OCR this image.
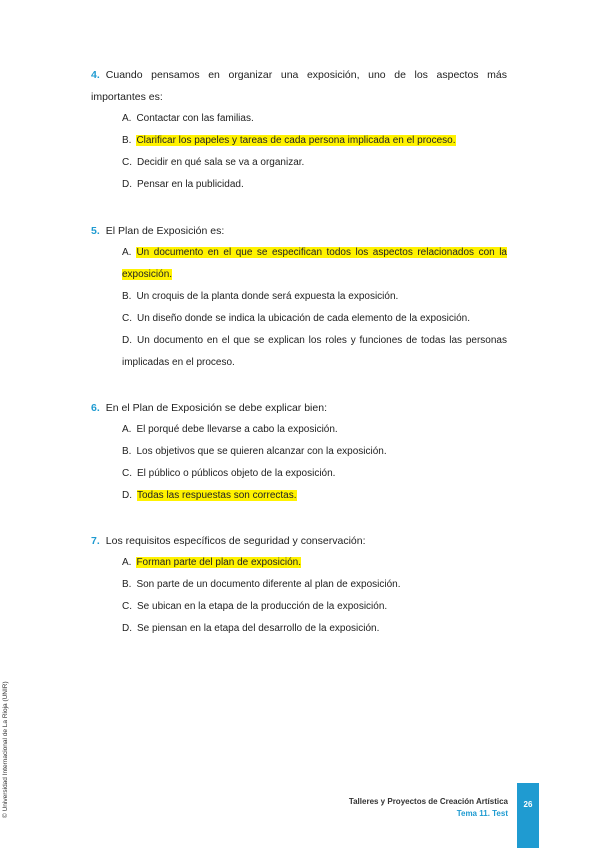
4. Cuando pensamos en organizar una exposición, uno de los aspectos más importantes es:

A. Contactar con las familias.
B. Clarificar los papeles y tareas de cada persona implicada en el proceso.
C. Decidir en qué sala se va a organizar.
D. Pensar en la publicidad.

5. El Plan de Exposición es:

A. Un documento en el que se especifican todos los aspectos relacionados con la exposición.
B. Un croquis de la planta donde será expuesta la exposición.
C. Un diseño donde se indica la ubicación de cada elemento de la exposición.
D. Un documento en el que se explican los roles y funciones de todas las personas implicadas en el proceso.

6. En el Plan de Exposición se debe explicar bien:

A. El porqué debe llevarse a cabo la exposición.
B. Los objetivos que se quieren alcanzar con la exposición.
C. El público o públicos objeto de la exposición.
D. Todas las respuestas son correctas.

7. Los requisitos específicos de seguridad y conservación:

A. Forman parte del plan de exposición.
B. Son parte de un documento diferente al plan de exposición.
C. Se ubican en la etapa de la producción de la exposición.
D. Se piensan en la etapa del desarrollo de la exposición.
© Universidad Internacional de La Rioja (UNIR)	Talleres y Proyectos de Creación Artística
Tema 11. Test
26
